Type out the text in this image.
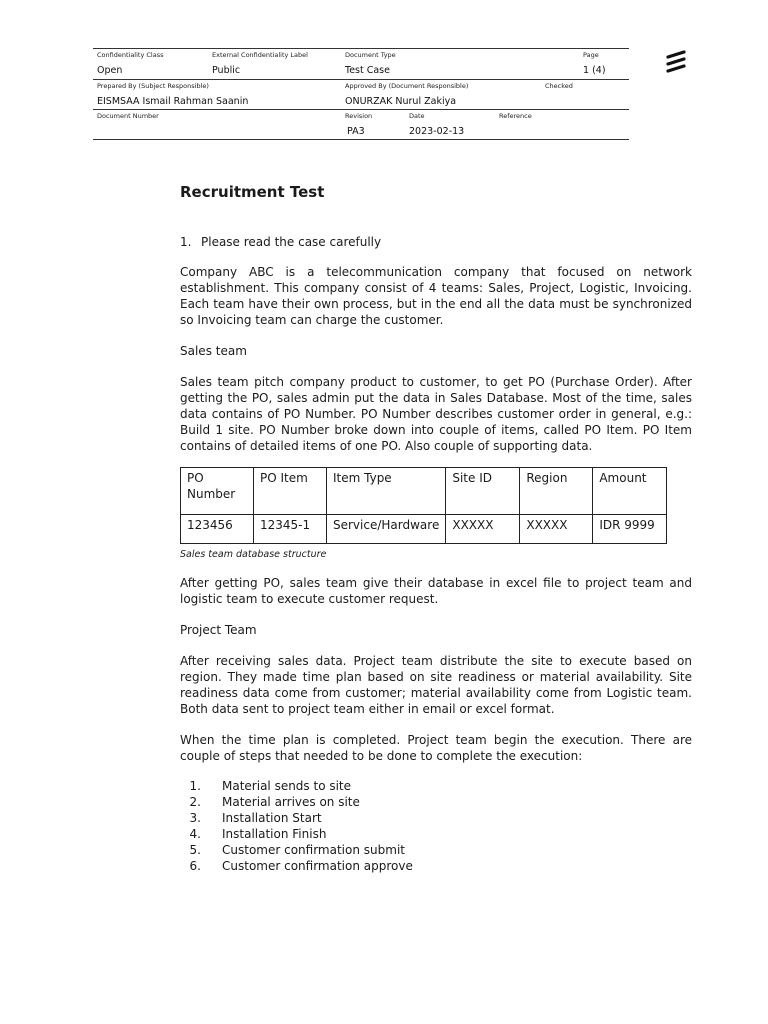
Confidentiality Class
Open
External Confidentiality Label
Public
Document Type
Test Case
Page
1 (4)
Prepared By (Subject Responsible)
EISMSAA Ismail Rahman Saanin
Approved By (Document Responsible)
ONURZAK Nurul Zakiya
Checked
Document Number	Revision
PA3
Date
2023-02-13
Reference
Recruitment Test
1. Please read the case carefully

Company ABC is a telecommunication company that focused on network establishment. This company consist of 4 teams: Sales, Project, Logistic, Invoicing. Each team have their own process, but in the end all the data must be synchronized so Invoicing team can charge the customer.

Sales team

Sales team pitch company product to customer, to get PO (Purchase Order). After getting the PO, sales admin put the data in Sales Database. Most of the time, sales data contains of PO Number. PO Number describes customer order in general, e.g.: Build 1 site. PO Number broke down into couple of items, called PO Item. PO Item contains of detailed items of one PO. Also couple of supporting data.

PO Number	PO Item	Item Type	Site ID	Region	Amount
123456	12345-1	Service/Hardware	XXXXX	XXXXX	IDR 9999
Sales team database structure

After getting PO, sales team give their database in excel file to project team and logistic team to execute customer request.

Project Team

After receiving sales data. Project team distribute the site to execute based on region. They made time plan based on site readiness or material availability. Site readiness data come from customer; material availability come from Logistic team. Both data sent to project team either in email or excel format.

When the time plan is completed. Project team begin the execution. There are couple of steps that needed to be done to complete the execution:

1. Material sends to site
2. Material arrives on site
3. Installation Start
4. Installation Finish
5. Customer confirmation submit
6. Customer confirmation approve
